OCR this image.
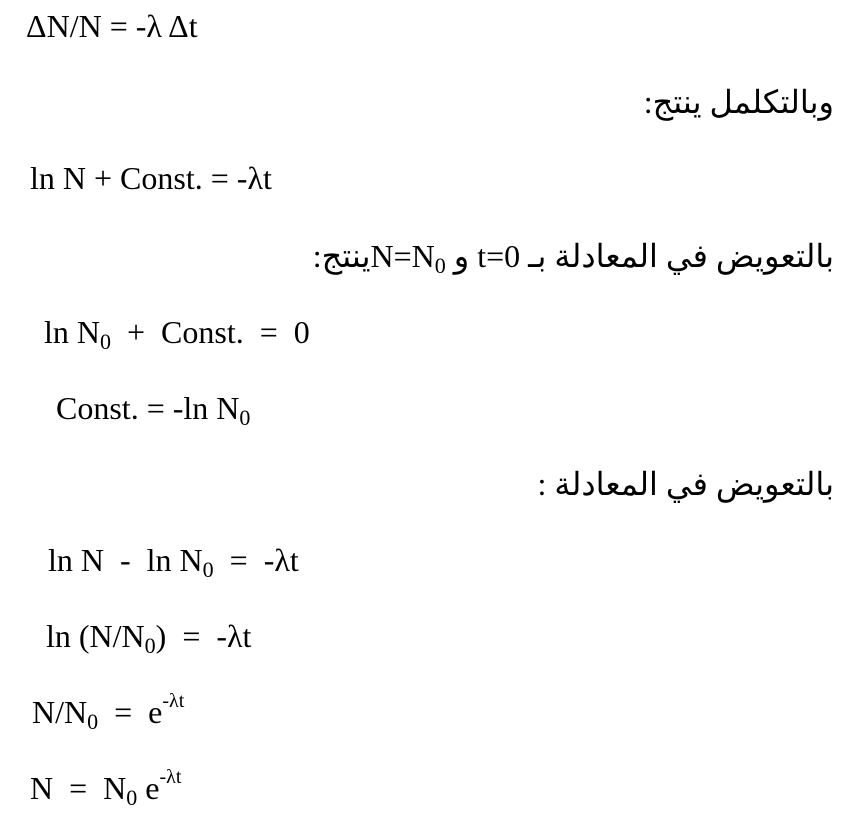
ΔN/N = -λ Δt
وبالتكلمل ينتج:
ln N + Const. = -λt
بالتعويض في المعادلة بـ t=0 و $N=N_0ينتج$:
$\ln N_0$  +  Const.  =  0
Const. = -ln $N_0$
بالتعويض في المعادلة :
$\ln N - \ln N_0 = -\lambda t$
$\ln (N/N_0) = -\lambda t$
$N/N_0 = e^{-\lambda t}$
$N = N_0$ $e^{-\lambda t}$
